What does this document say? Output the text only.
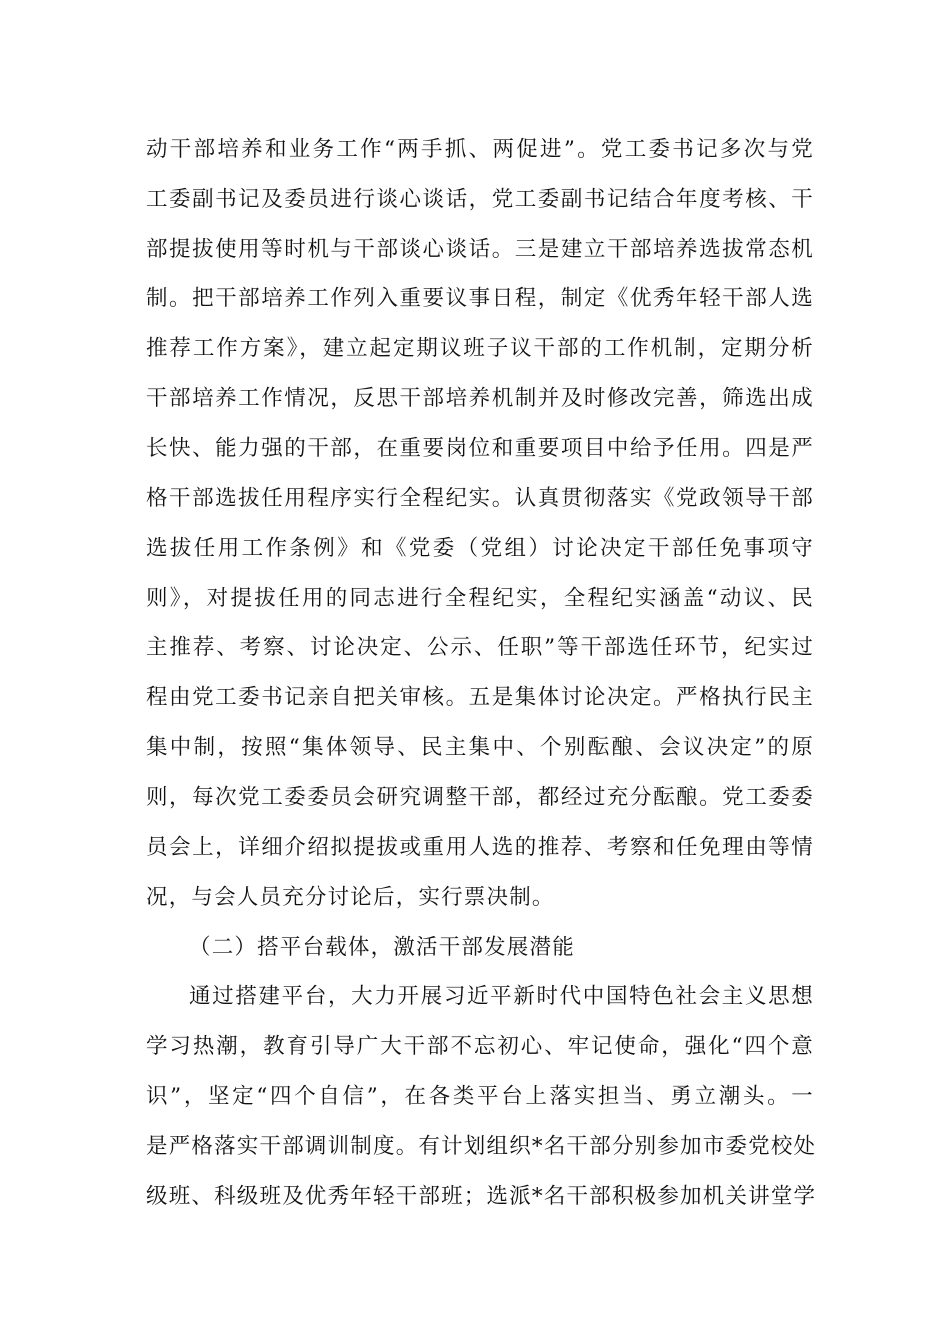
动干部培养和业务工作“两手抓、两促进”。党工委书记多次与党
工委副书记及委员进行谈心谈话，党工委副书记结合年度考核、干
部提拔使用等时机与干部谈心谈话。三是建立干部培养选拔常态机
制。把干部培养工作列入重要议事日程，制定《优秀年轻干部人选
推荐工作方案》，建立起定期议班子议干部的工作机制，定期分析
干部培养工作情况，反思干部培养机制并及时修改完善，筛选出成
长快、能力强的干部，在重要岗位和重要项目中给予任用。四是严
格干部选拔任用程序实行全程纪实。认真贯彻落实《党政领导干部
选拔任用工作条例》和《党委（党组）讨论决定干部任免事项守
则》，对提拔任用的同志进行全程纪实，全程纪实涵盖“动议、民
主推荐、考察、讨论决定、公示、任职”等干部选任环节，纪实过
程由党工委书记亲自把关审核。五是集体讨论决定。严格执行民主
集中制，按照“集体领导、民主集中、个别酝酿、会议决定”的原
则，每次党工委委员会研究调整干部，都经过充分酝酿。党工委委
员会上，详细介绍拟提拔或重用人选的推荐、考察和任免理由等情
况，与会人员充分讨论后，实行票决制。
（二）搭平台载体，激活干部发展潜能
通过搭建平台，大力开展习近平新时代中国特色社会主义思想
学习热潮，教育引导广大干部不忘初心、牢记使命，强化“四个意
识”，坚定“四个自信”，在各类平台上落实担当、勇立潮头。一
是严格落实干部调训制度。有计划组织*名干部分别参加市委党校处
级班、科级班及优秀年轻干部班；选派*名干部积极参加机关讲堂学
